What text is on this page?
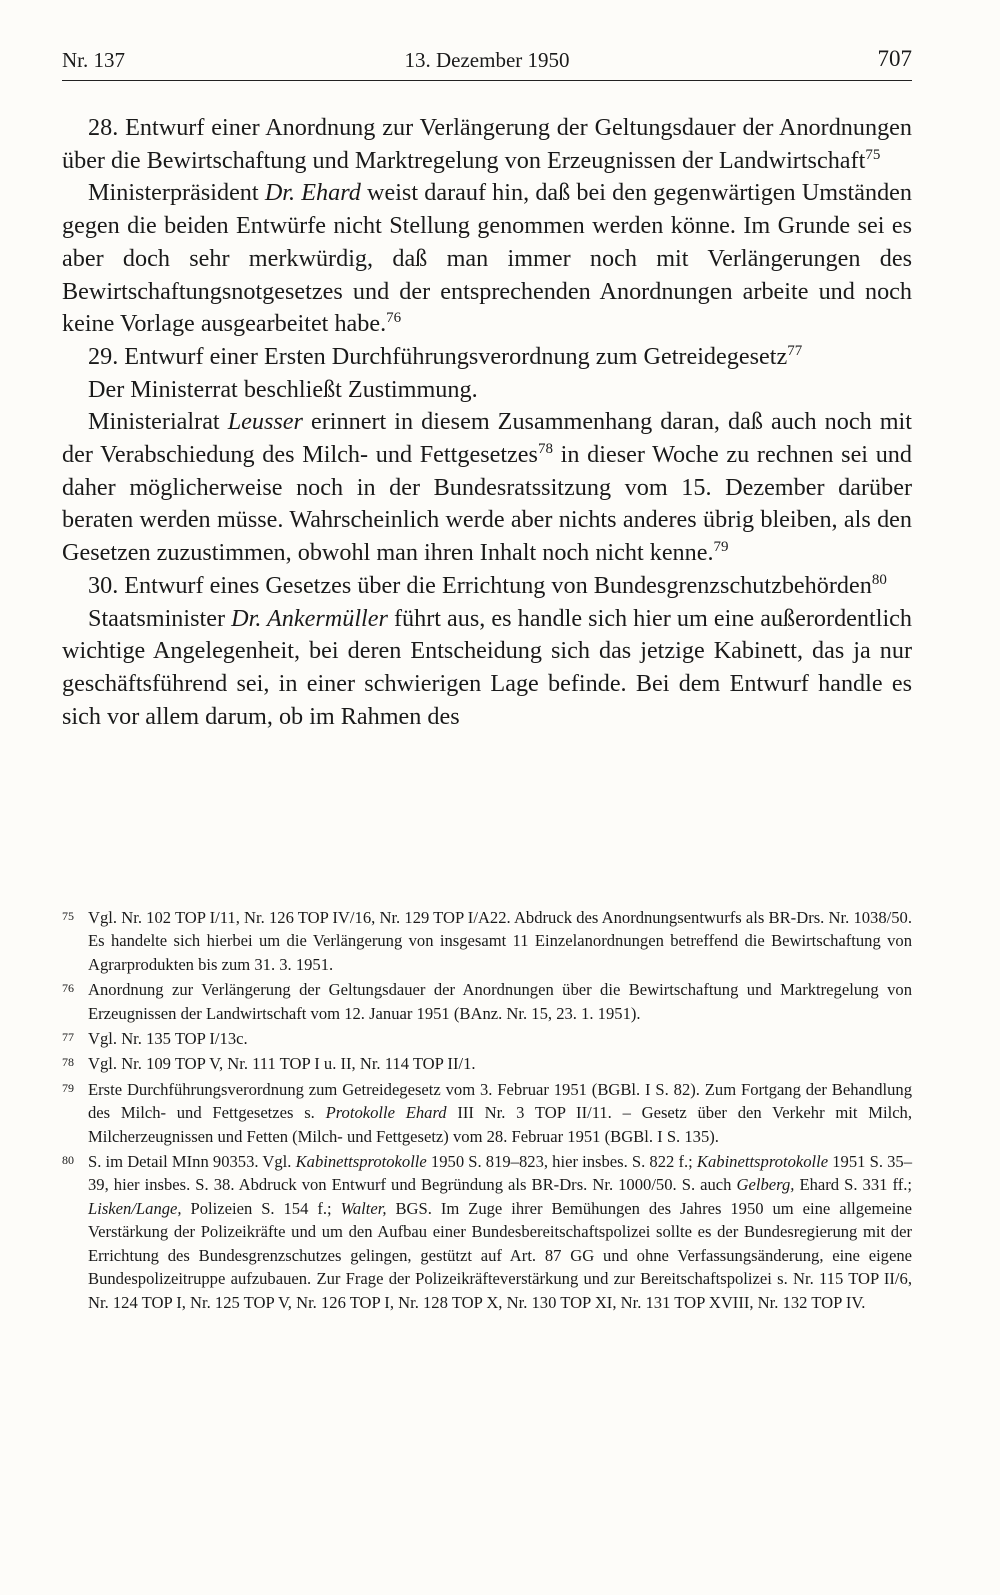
Nr. 137	13. Dezember 1950	707

28. Entwurf einer Anordnung zur Verlängerung der Geltungsdauer der Anordnungen über die Bewirtschaftung und Marktregelung von Erzeugnissen der Landwirtschaft$^{75}$

Ministerpräsident Dr. Ehard weist darauf hin, daß bei den gegenwärtigen Umständen gegen die beiden Entwürfe nicht Stellung genommen werden könne. Im Grunde sei es aber doch sehr merkwürdig, daß man immer noch mit Verlängerungen des Bewirtschaftungsnotgesetzes und der entsprechenden Anordnungen arbeite und noch keine Vorlage ausgearbeitet habe.$^{76}$

29. Entwurf einer Ersten Durchführungsverordnung zum Getreidegesetz$^{77}$

Der Ministerrat beschließt Zustimmung.

Ministerialrat Leusser erinnert in diesem Zusammenhang daran, daß auch noch mit der Verabschiedung des Milch- und Fettgesetzes$^{78}$ in dieser Woche zu rechnen sei und daher möglicherweise noch in der Bundesratssitzung vom 15. Dezember darüber beraten werden müsse. Wahrscheinlich werde aber nichts anderes übrig bleiben, als den Gesetzen zuzustimmen, obwohl man ihren Inhalt noch nicht kenne.$^{79}$

30. Entwurf eines Gesetzes über die Errichtung von Bundesgrenzschutzbehörden$^{80}$

Staatsminister Dr. Ankermüller führt aus, es handle sich hier um eine außerordentlich wichtige Angelegenheit, bei deren Entscheidung sich das jetzige Kabinett, das ja nur geschäftsführend sei, in einer schwierigen Lage befinde. Bei dem Entwurf handle es sich vor allem darum, ob im Rahmen des

75 Vgl. Nr. 102 TOP I/11, Nr. 126 TOP IV/16, Nr. 129 TOP I/A22. Abdruck des Anordnungsentwurfs als BR-Drs. Nr. 1038/50. Es handelte sich hierbei um die Verlängerung von insgesamt 11 Einzelanordnungen betreffend die Bewirtschaftung von Agrarprodukten bis zum 31. 3. 1951.
76 Anordnung zur Verlängerung der Geltungsdauer der Anordnungen über die Bewirtschaftung und Marktregelung von Erzeugnissen der Landwirtschaft vom 12. Januar 1951 (BAnz. Nr. 15, 23. 1. 1951).
77 Vgl. Nr. 135 TOP I/13c.
78 Vgl. Nr. 109 TOP V, Nr. 111 TOP I u. II, Nr. 114 TOP II/1.
79 Erste Durchführungsverordnung zum Getreidegesetz vom 3. Februar 1951 (BGBl. I S. 82). Zum Fortgang der Behandlung des Milch- und Fettgesetzes s. Protokolle Ehard III Nr. 3 TOP II/11. – Gesetz über den Verkehr mit Milch, Milcherzeugnissen und Fetten (Milch- und Fettgesetz) vom 28. Februar 1951 (BGBl. I S. 135).
80 S. im Detail MInn 90353. Vgl. Kabinettsprotokolle 1950 S. 819–823, hier insbes. S. 822 f.; Kabinettsprotokolle 1951 S. 35–39, hier insbes. S. 38. Abdruck von Entwurf und Begründung als BR-Drs. Nr. 1000/50. S. auch Gelberg, Ehard S. 331 ff.; Lisken/Lange, Polizeien S. 154 f.; Walter, BGS. Im Zuge ihrer Bemühungen des Jahres 1950 um eine allgemeine Verstärkung der Polizeikräfte und um den Aufbau einer Bundesbereitschaftspolizei sollte es der Bundesregierung mit der Errichtung des Bundesgrenzschutzes gelingen, gestützt auf Art. 87 GG und ohne Verfassungsänderung, eine eigene Bundespolizeitruppe aufzubauen. Zur Frage der Polizeikräfteverstärkung und zur Bereitschaftspolizei s. Nr. 115 TOP II/6, Nr. 124 TOP I, Nr. 125 TOP V, Nr. 126 TOP I, Nr. 128 TOP X, Nr. 130 TOP XI, Nr. 131 TOP XVIII, Nr. 132 TOP IV.
